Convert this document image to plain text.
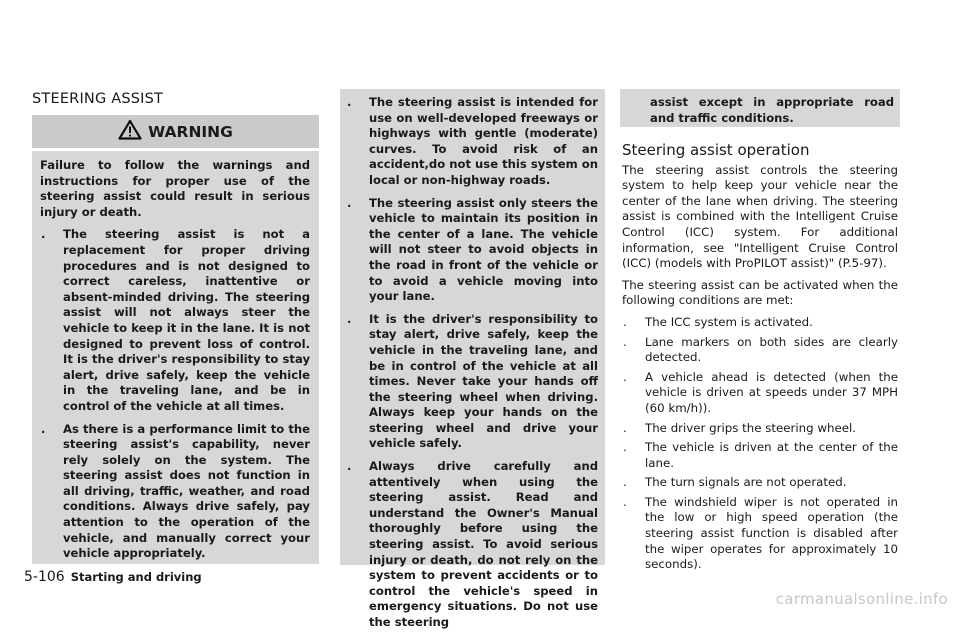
STEERING ASSIST
WARNING

Failure to follow the warnings and instructions for proper use of the steering assist could result in serious injury or death.

.	The steering assist is not a replacement for proper driving procedures and is not designed to correct careless, inattentive or absent-minded driving. The steering assist will not always steer the vehicle to keep it in the lane. It is not designed to prevent loss of control. It is the driver's responsibility to stay alert, drive safely, keep the vehicle in the traveling lane, and be in control of the vehicle at all times.
.	As there is a performance limit to the steering assist's capability, never rely solely on the system. The steering assist does not function in all driving, traffic, weather, and road conditions. Always drive safely, pay attention to the operation of the vehicle, and manually correct your vehicle appropriately.
.	The steering assist is intended for use on well-developed freeways or highways with gentle (moderate) curves. To avoid risk of an accident,do not use this system on local or non-highway roads.
.	The steering assist only steers the vehicle to maintain its position in the center of a lane. The vehicle will not steer to avoid objects in the road in front of the vehicle or to avoid a vehicle moving into your lane.
.	It is the driver's responsibility to stay alert, drive safely, keep the vehicle in the traveling lane, and be in control of the vehicle at all times. Never take your hands off the steering wheel when driving. Always keep your hands on the steering wheel and drive your vehicle safely.
.	Always drive carefully and attentively when using the steering assist. Read and understand the Owner's Manual thoroughly before using the steering assist. To avoid serious injury or death, do not rely on the system to prevent accidents or to control the vehicle's speed in emergency situations. Do not use the steering
assist except in appropriate road and traffic conditions.
Steering assist operation

The steering assist controls the steering system to help keep your vehicle near the center of the lane when driving. The steering assist is combined with the Intelligent Cruise Control (ICC) system. For additional information, see "Intelligent Cruise Control (ICC) (models with ProPILOT assist)" (P.5-97).

The steering assist can be activated when the following conditions are met:

.	The ICC system is activated.
.	Lane markers on both sides are clearly detected.
.	A vehicle ahead is detected (when the vehicle is driven at speeds under 37 MPH (60 km/h)).
.	The driver grips the steering wheel.
.	The vehicle is driven at the center of the lane.
.	The turn signals are not operated.
.	The windshield wiper is not operated in the low or high speed operation (the steering assist function is disabled after the wiper operates for approximately 10 seconds).
5-106 Starting and driving
carmanualsonline.info
